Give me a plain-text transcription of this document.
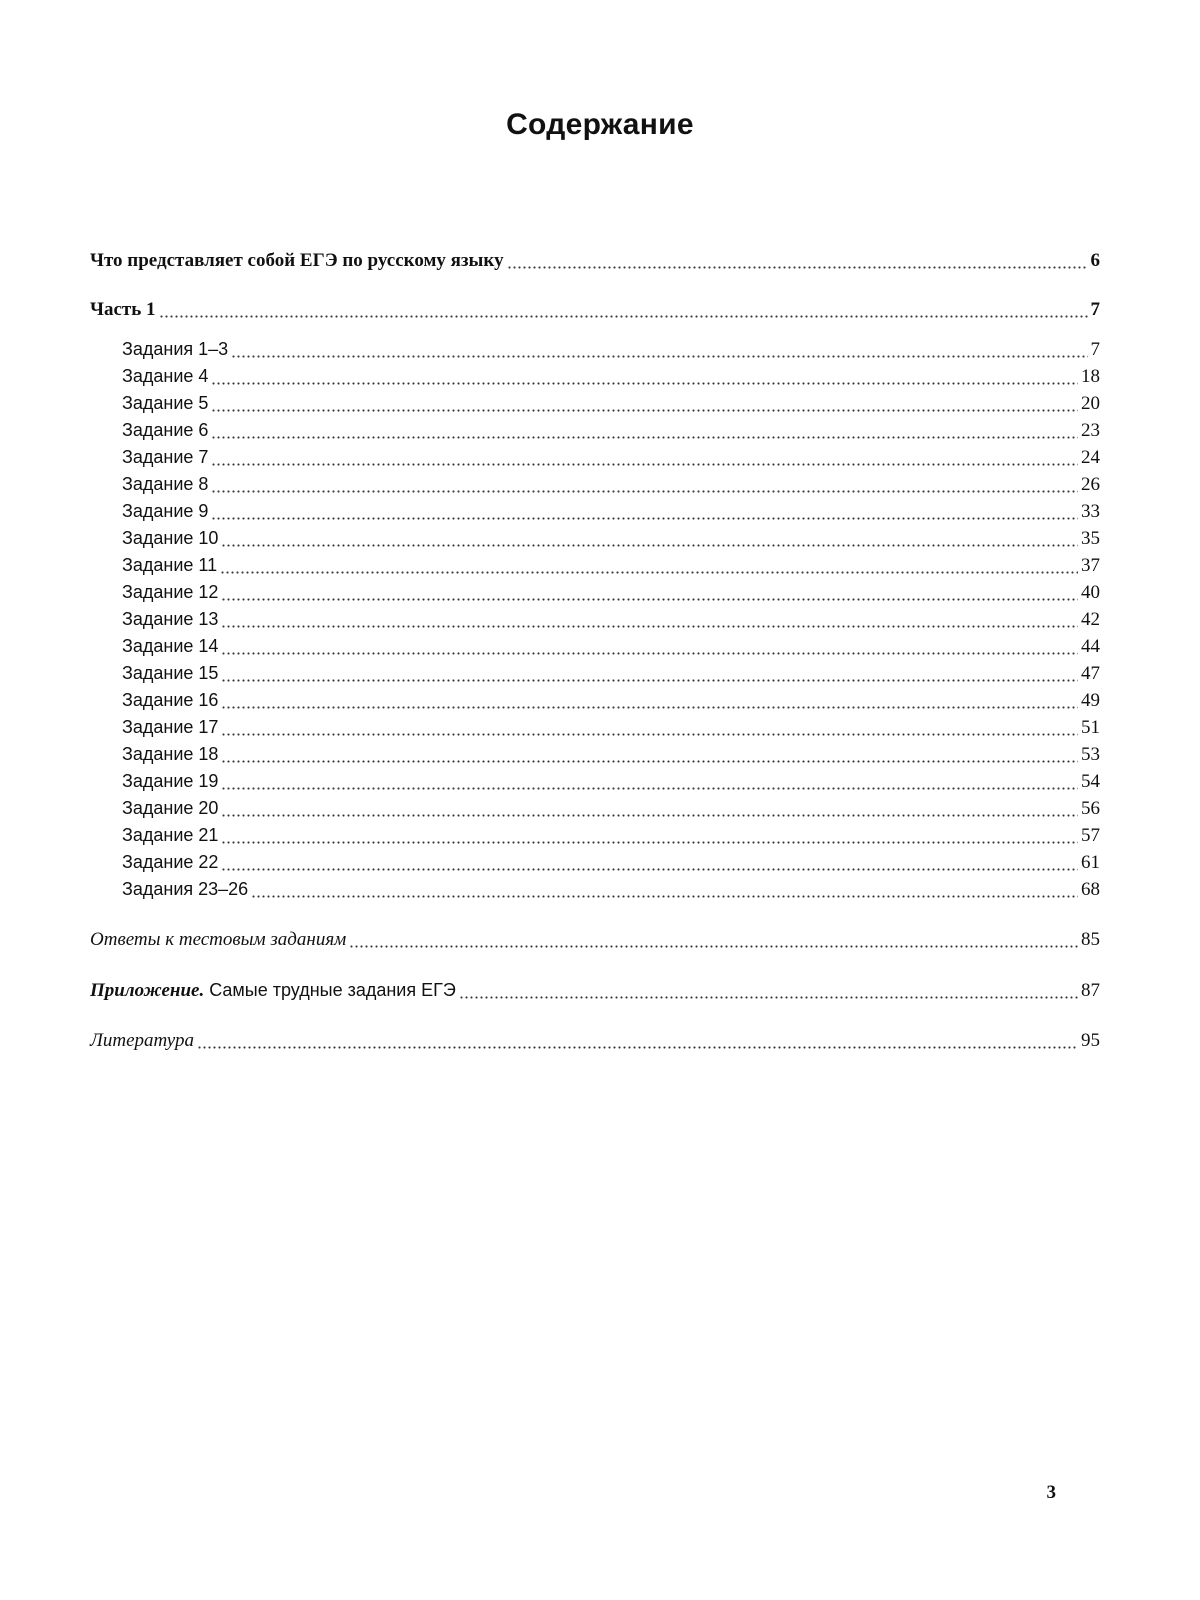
Содержание
Что представляет собой ЕГЭ по русскому языку	6
Часть 1	7
Задания 1–3	7
Задание 4	18
Задание 5	20
Задание 6	23
Задание 7	24
Задание 8	26
Задание 9	33
Задание 10	35
Задание 11	37
Задание 12	40
Задание 13	42
Задание 14	44
Задание 15	47
Задание 16	49
Задание 17	51
Задание 18	53
Задание 19	54
Задание 20	56
Задание 21	57
Задание 22	61
Задания 23–26	68
Ответы к тестовым заданиям	85
Приложение. Самые трудные задания ЕГЭ	87
Литература	95
3
